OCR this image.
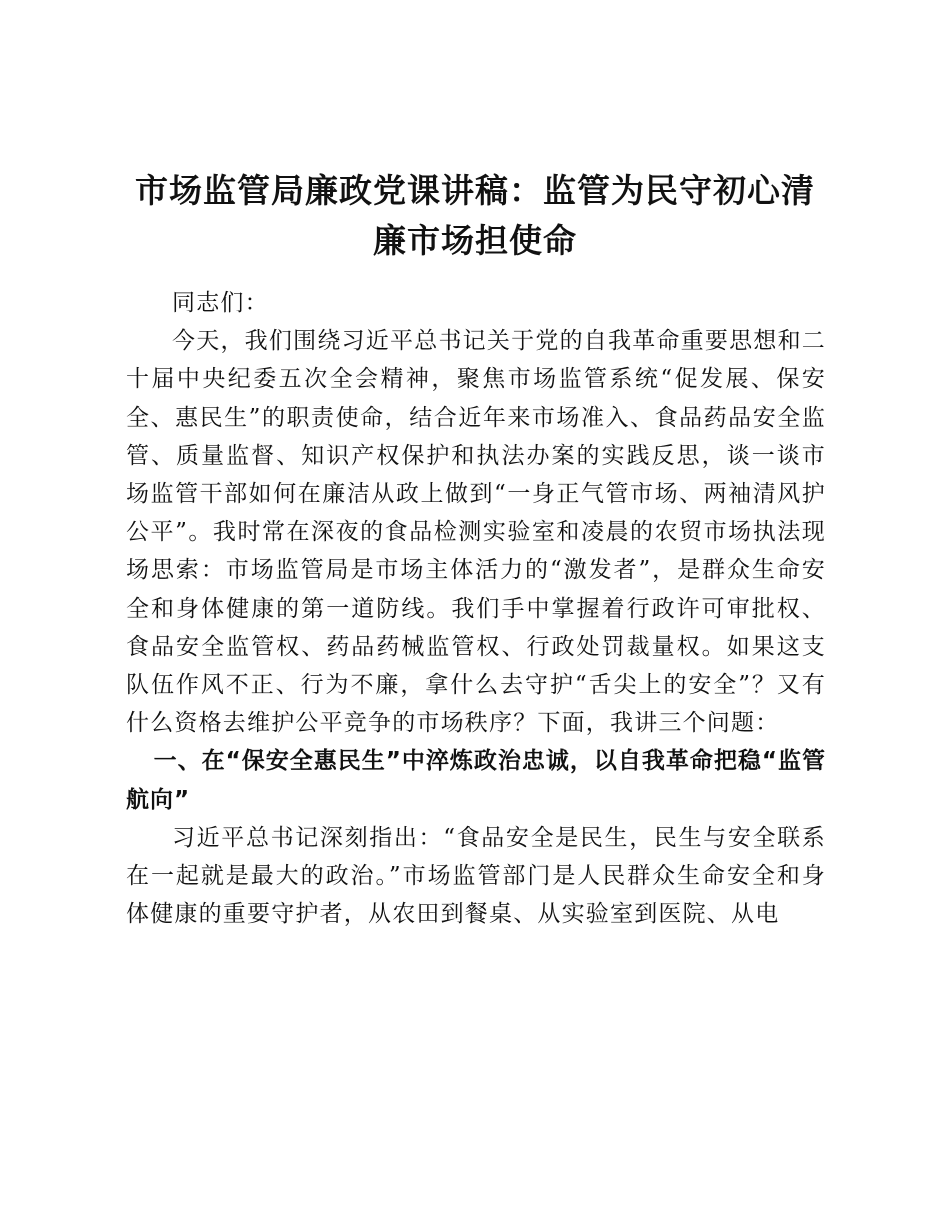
市场监管局廉政党课讲稿：监管为民守初心清廉市场担使命

同志们：

今天，我们围绕习近平总书记关于党的自我革命重要思想和二十届中央纪委五次全会精神，聚焦市场监管系统“促发展、保安全、惠民生”的职责使命，结合近年来市场准入、食品药品安全监管、质量监督、知识产权保护和执法办案的实践反思，谈一谈市场监管干部如何在廉洁从政上做到“一身正气管市场、两袖清风护公平”。我时常在深夜的食品检测实验室和凌晨的农贸市场执法现场思索：市场监管局是市场主体活力的“激发者”，是群众生命安全和身体健康的第一道防线。我们手中掌握着行政许可审批权、食品安全监管权、药品药械监管权、行政处罚裁量权。如果这支队伍作风不正、行为不廉，拿什么去守护“舌尖上的安全”？又有什么资格去维护公平竞争的市场秩序？下面，我讲三个问题：

一、在“保安全惠民生”中淬炼政治忠诚，以自我革命把稳“监管航向”

习近平总书记深刻指出：“食品安全是民生，民生与安全联系在一起就是最大的政治。”市场监管部门是人民群众生命安全和身体健康的重要守护者，从农田到餐桌、从实验室到医院、从电
